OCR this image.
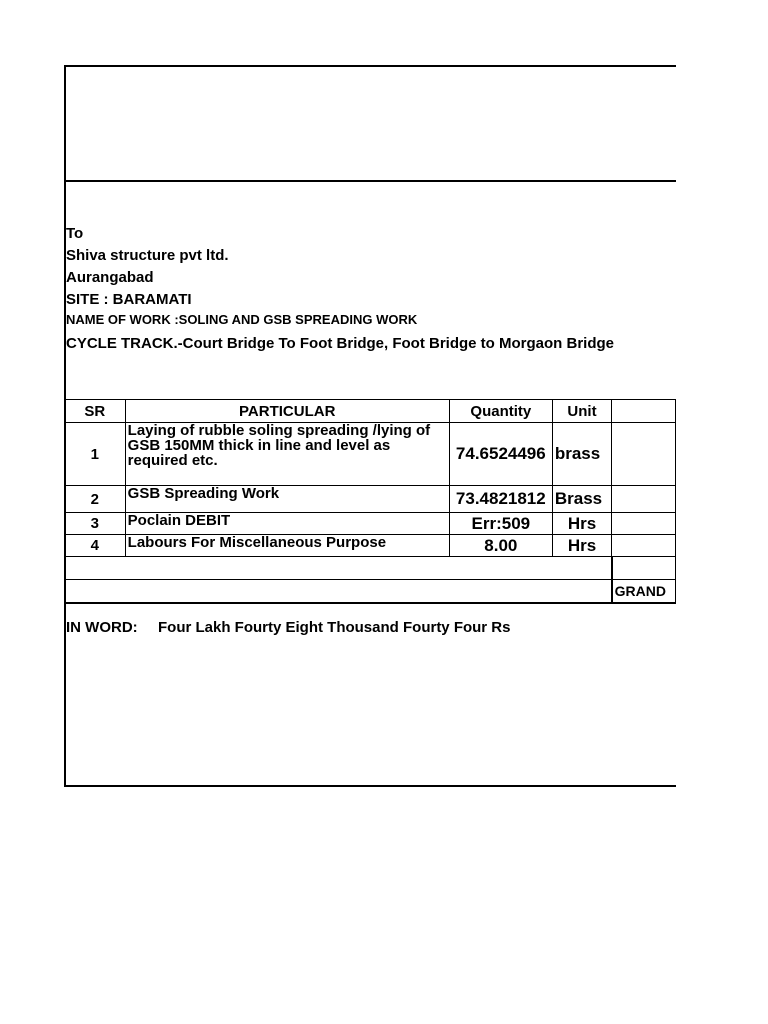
To
Shiva structure pvt ltd.
Aurangabad
SITE : BARAMATI
NAME OF WORK :SOLING AND GSB SPREADING WORK
CYCLE TRACK.-Court Bridge To Foot Bridge, Foot Bridge to Morgaon Bridge
SR	PARTICULAR	Quantity	Unit	
1	Laying of rubble soling spreading /lying of GSB 150MM thick in line and level as required etc.	74.6524496	brass	
2	GSB Spreading Work	73.4821812	Brass	
3	Poclain DEBIT	Err:509	Hrs	
4	Labours For Miscellaneous Purpose	8.00	Hrs	

				GRAND
IN WORD: Four Lakh Fourty Eight Thousand Fourty Four Rs
